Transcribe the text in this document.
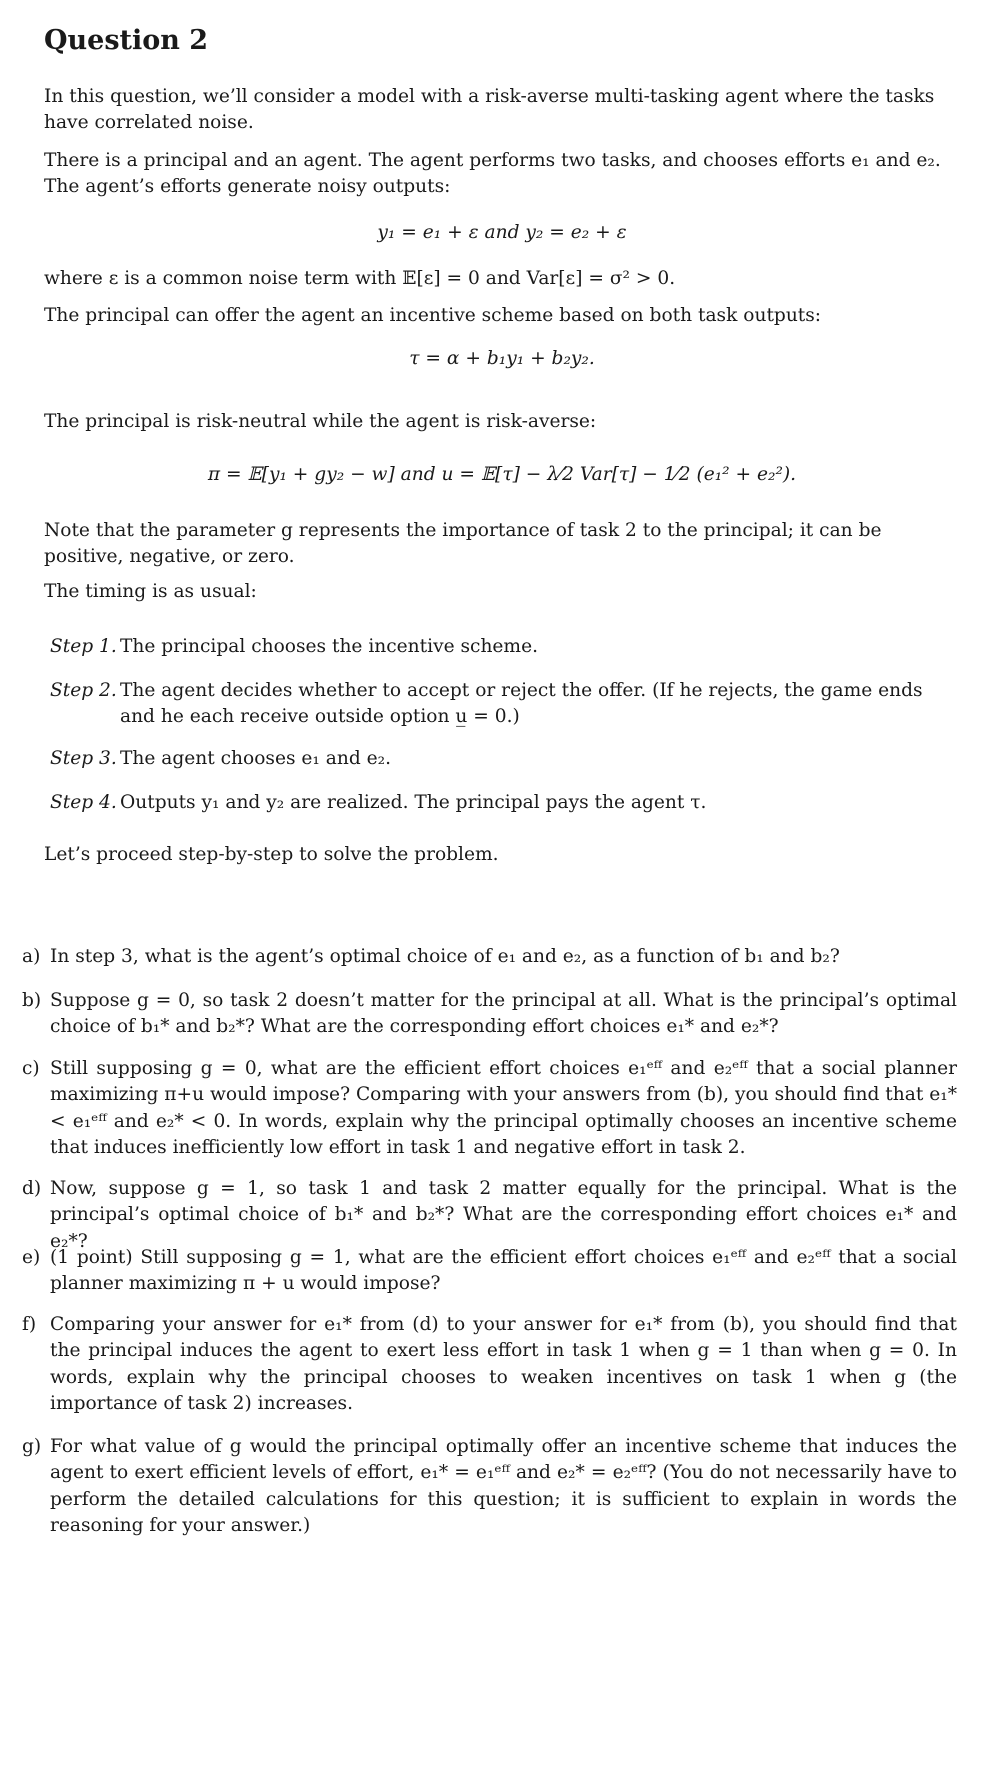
Question 2

In this question, we’ll consider a model with a risk-averse multi-tasking agent where the tasks have correlated noise.

There is a principal and an agent. The agent performs two tasks, and chooses efforts e₁ and e₂. The agent’s efforts generate noisy outputs:

y₁ = e₁ + ε and y₂ = e₂ + ε

where ε is a common noise term with 𝔼[ε] = 0 and Var[ε] = σ² > 0.

The principal can offer the agent an incentive scheme based on both task outputs:

τ = α + b₁y₁ + b₂y₂.

The principal is risk-neutral while the agent is risk-averse:

π = 𝔼[y₁ + gy₂ − w] and u = 𝔼[τ] − λ⁄2 Var[τ] − 1⁄2 (e₁² + e₂²).

Note that the parameter g represents the importance of task 2 to the principal; it can be positive, negative, or zero.

The timing is as usual:

Step 1. The principal chooses the incentive scheme.
Step 2. The agent decides whether to accept or reject the offer. (If he rejects, the game ends and he each receive outside option u̲ = 0.)
Step 3. The agent chooses e₁ and e₂.
Step 4. Outputs y₁ and y₂ are realized. The principal pays the agent τ.

Let’s proceed step-by-step to solve the problem.

a) In step 3, what is the agent’s optimal choice of e₁ and e₂, as a function of b₁ and b₂?
b) Suppose g = 0, so task 2 doesn’t matter for the principal at all. What is the principal’s optimal choice of b₁* and b₂*? What are the corresponding effort choices e₁* and e₂*?
c) Still supposing g = 0, what are the efficient effort choices e₁ᵉᶠᶠ and e₂ᵉᶠᶠ that a social planner maximizing π+u would impose? Comparing with your answers from (b), you should find that e₁* < e₁ᵉᶠᶠ and e₂* < 0. In words, explain why the principal optimally chooses an incentive scheme that induces inefficiently low effort in task 1 and negative effort in task 2.
d) Now, suppose g = 1, so task 1 and task 2 matter equally for the principal. What is the principal’s optimal choice of b₁* and b₂*? What are the corresponding effort choices e₁* and e₂*?
e) (1 point) Still supposing g = 1, what are the efficient effort choices e₁ᵉᶠᶠ and e₂ᵉᶠᶠ that a social planner maximizing π + u would impose?
f) Comparing your answer for e₁* from (d) to your answer for e₁* from (b), you should find that the principal induces the agent to exert less effort in task 1 when g = 1 than when g = 0. In words, explain why the principal chooses to weaken incentives on task 1 when g (the importance of task 2) increases.
g) For what value of g would the principal optimally offer an incentive scheme that induces the agent to exert efficient levels of effort, e₁* = e₁ᵉᶠᶠ and e₂* = e₂ᵉᶠᶠ? (You do not necessarily have to perform the detailed calculations for this question; it is sufficient to explain in words the reasoning for your answer.)
